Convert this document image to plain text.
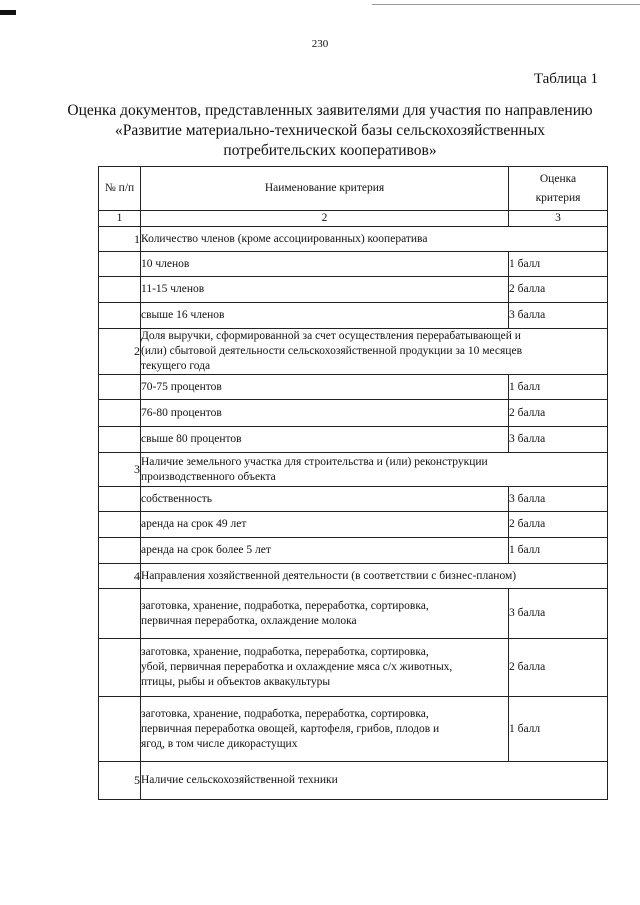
230
Таблица 1
Оценка документов, представленных заявителями для участия по направлению
«Развитие материально-технической базы сельскохозяйственных
потребительских кооперативов»
№ п/п	Наименование критерия	Оценка
критерия
1	2	3
1	Количество членов (кроме ассоциированных) кооператива	

	10 членов	1 балл

	11-15 членов	2 балла

	свыше 16 членов	3 балла
2	Доля выручки, сформированной за счет осуществления перерабатывающей и
(или) сбытовой деятельности сельскохозяйственной продукции за 10 месяцев
текущего года	

	70-75 процентов	1 балл

	76-80 процентов	2 балла

	свыше 80 процентов	3 балла
3	Наличие земельного участка для строительства и (или) реконструкции
производственного объекта	

	собственность	3 балла

	аренда на срок 49 лет	2 балла

	аренда на срок более 5 лет	1 балл
4	Направления хозяйственной деятельности (в соответствии с бизнес-планом)	

	заготовка, хранение, подработка, переработка, сортировка,
первичная переработка, охлаждение молока	3 балла

	заготовка, хранение, подработка, переработка, сортировка,
убой, первичная переработка и охлаждение мяса с/х животных,
птицы, рыбы и объектов аквакультуры	2 балла

	заготовка, хранение, подработка, переработка, сортировка,
первичная переработка овощей, картофеля, грибов, плодов и
ягод, в том числе дикорастущих	1 балл
5	Наличие сельскохозяйственной техники	
